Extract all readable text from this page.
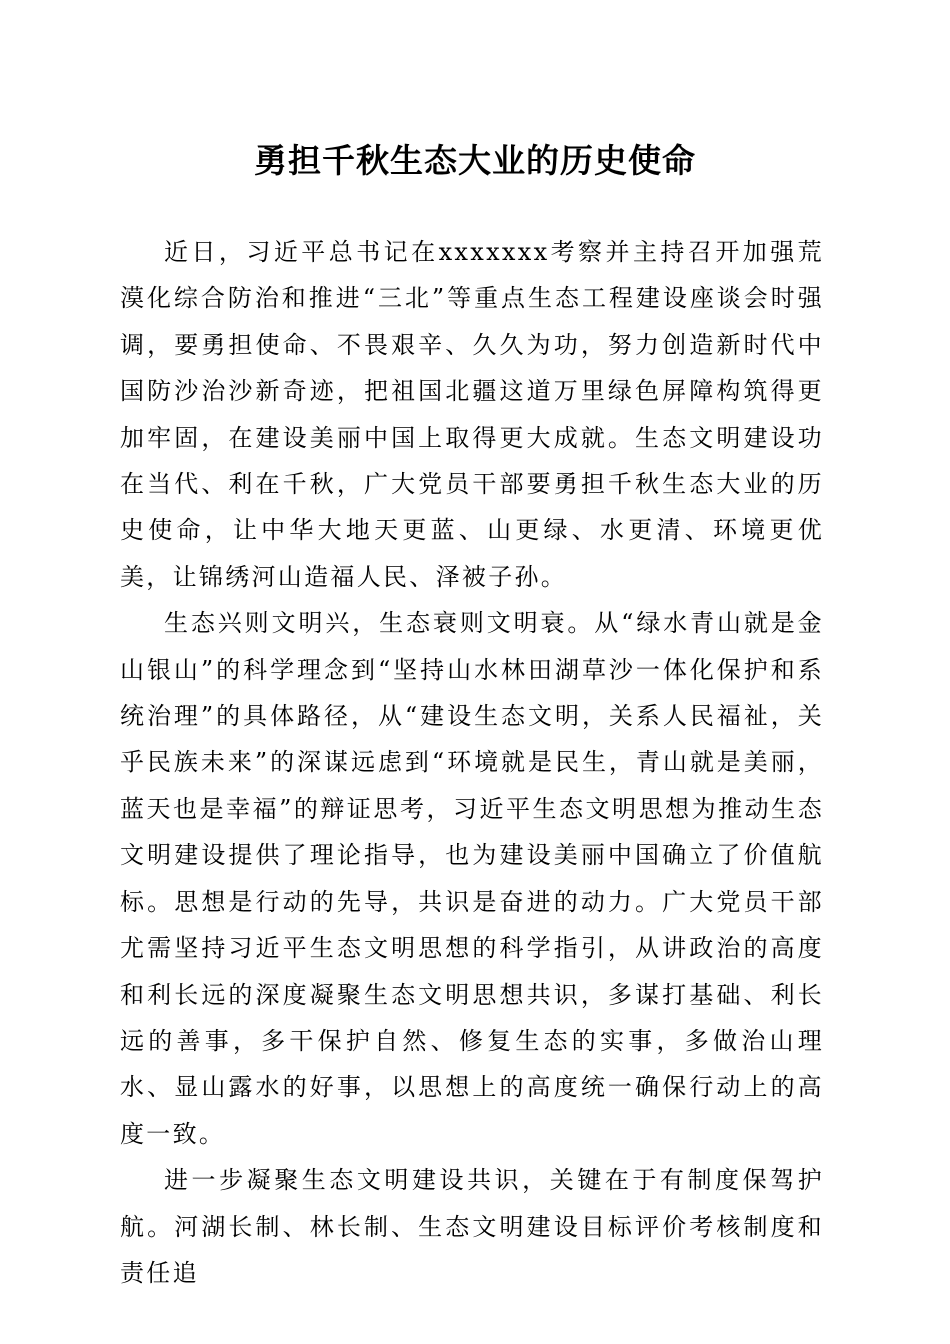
勇担千秋生态大业的历史使命

近日，习近平总书记在xxxxxxx考察并主持召开加强荒漠化综合防治和推进“三北”等重点生态工程建设座谈会时强调，要勇担使命、不畏艰辛、久久为功，努力创造新时代中国防沙治沙新奇迹，把祖国北疆这道万里绿色屏障构筑得更加牢固，在建设美丽中国上取得更大成就。生态文明建设功在当代、利在千秋，广大党员干部要勇担千秋生态大业的历史使命，让中华大地天更蓝、山更绿、水更清、环境更优美，让锦绣河山造福人民、泽被子孙。

生态兴则文明兴，生态衰则文明衰。从“绿水青山就是金山银山”的科学理念到“坚持山水林田湖草沙一体化保护和系统治理”的具体路径，从“建设生态文明，关系人民福祉，关乎民族未来”的深谋远虑到“环境就是民生，青山就是美丽，蓝天也是幸福”的辩证思考，习近平生态文明思想为推动生态文明建设提供了理论指导，也为建设美丽中国确立了价值航标。思想是行动的先导，共识是奋进的动力。广大党员干部尤需坚持习近平生态文明思想的科学指引，从讲政治的高度和利长远的深度凝聚生态文明思想共识，多谋打基础、利长远的善事，多干保护自然、修复生态的实事，多做治山理水、显山露水的好事，以思想上的高度统一确保行动上的高度一致。

进一步凝聚生态文明建设共识，关键在于有制度保驾护航。河湖长制、林长制、生态文明建设目标评价考核制度和责任追
